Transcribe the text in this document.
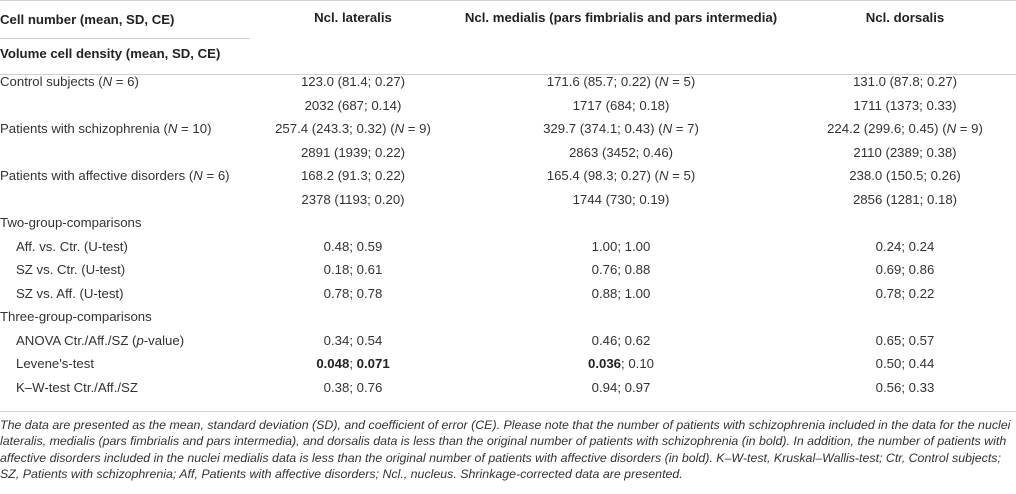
Cell number (mean, SD, CE)	Ncl. lateralis	Ncl. medialis (pars fimbrialis and pars intermedia)	Ncl. dorsalis
Volume cell density (mean, SD, CE)			
Control subjects (N = 6)	123.0 (81.4; 0.27)	171.6 (85.7; 0.22) (N = 5)	131.0 (87.8; 0.27)
	2032 (687; 0.14)	1717 (684; 0.18)	1711 (1373; 0.33)
Patients with schizophrenia (N = 10)	257.4 (243.3; 0.32) (N = 9)	329.7 (374.1; 0.43) (N = 7)	224.2 (299.6; 0.45) (N = 9)
	2891 (1939; 0.22)	2863 (3452; 0.46)	2110 (2389; 0.38)
Patients with affective disorders (N = 6)	168.2 (91.3; 0.22)	165.4 (98.3; 0.27) (N = 5)	238.0 (150.5; 0.26)
	2378 (1193; 0.20)	1744 (730; 0.19)	2856 (1281; 0.18)
Two-group-comparisons			
Aff. vs. Ctr. (U-test)	0.48; 0.59	1.00; 1.00	0.24; 0.24
SZ vs. Ctr. (U-test)	0.18; 0.61	0.76; 0.88	0.69; 0.86
SZ vs. Aff. (U-test)	0.78; 0.78	0.88; 1.00	0.78; 0.22
Three-group-comparisons			
ANOVA Ctr./Aff./SZ (p-value)	0.34; 0.54	0.46; 0.62	0.65; 0.57
Levene's-test	0.048; 0.071	0.036; 0.10	0.50; 0.44
K–W-test Ctr./Aff./SZ	0.38; 0.76	0.94; 0.97	0.56; 0.33
The data are presented as the mean, standard deviation (SD), and coefficient of error (CE). Please note that the number of patients with schizophrenia included in the data for the nuclei lateralis, medialis (pars fimbrialis and pars intermedia), and dorsalis data is less than the original number of patients with schizophrenia (in bold). In addition, the number of patients with affective disorders included in the nuclei medialis data is less than the original number of patients with affective disorders (in bold). K–W-test, Kruskal–Wallis-test; Ctr, Control subjects; SZ, Patients with schizophrenia; Aff, Patients with affective disorders; Ncl., nucleus. Shrinkage-corrected data are presented.
